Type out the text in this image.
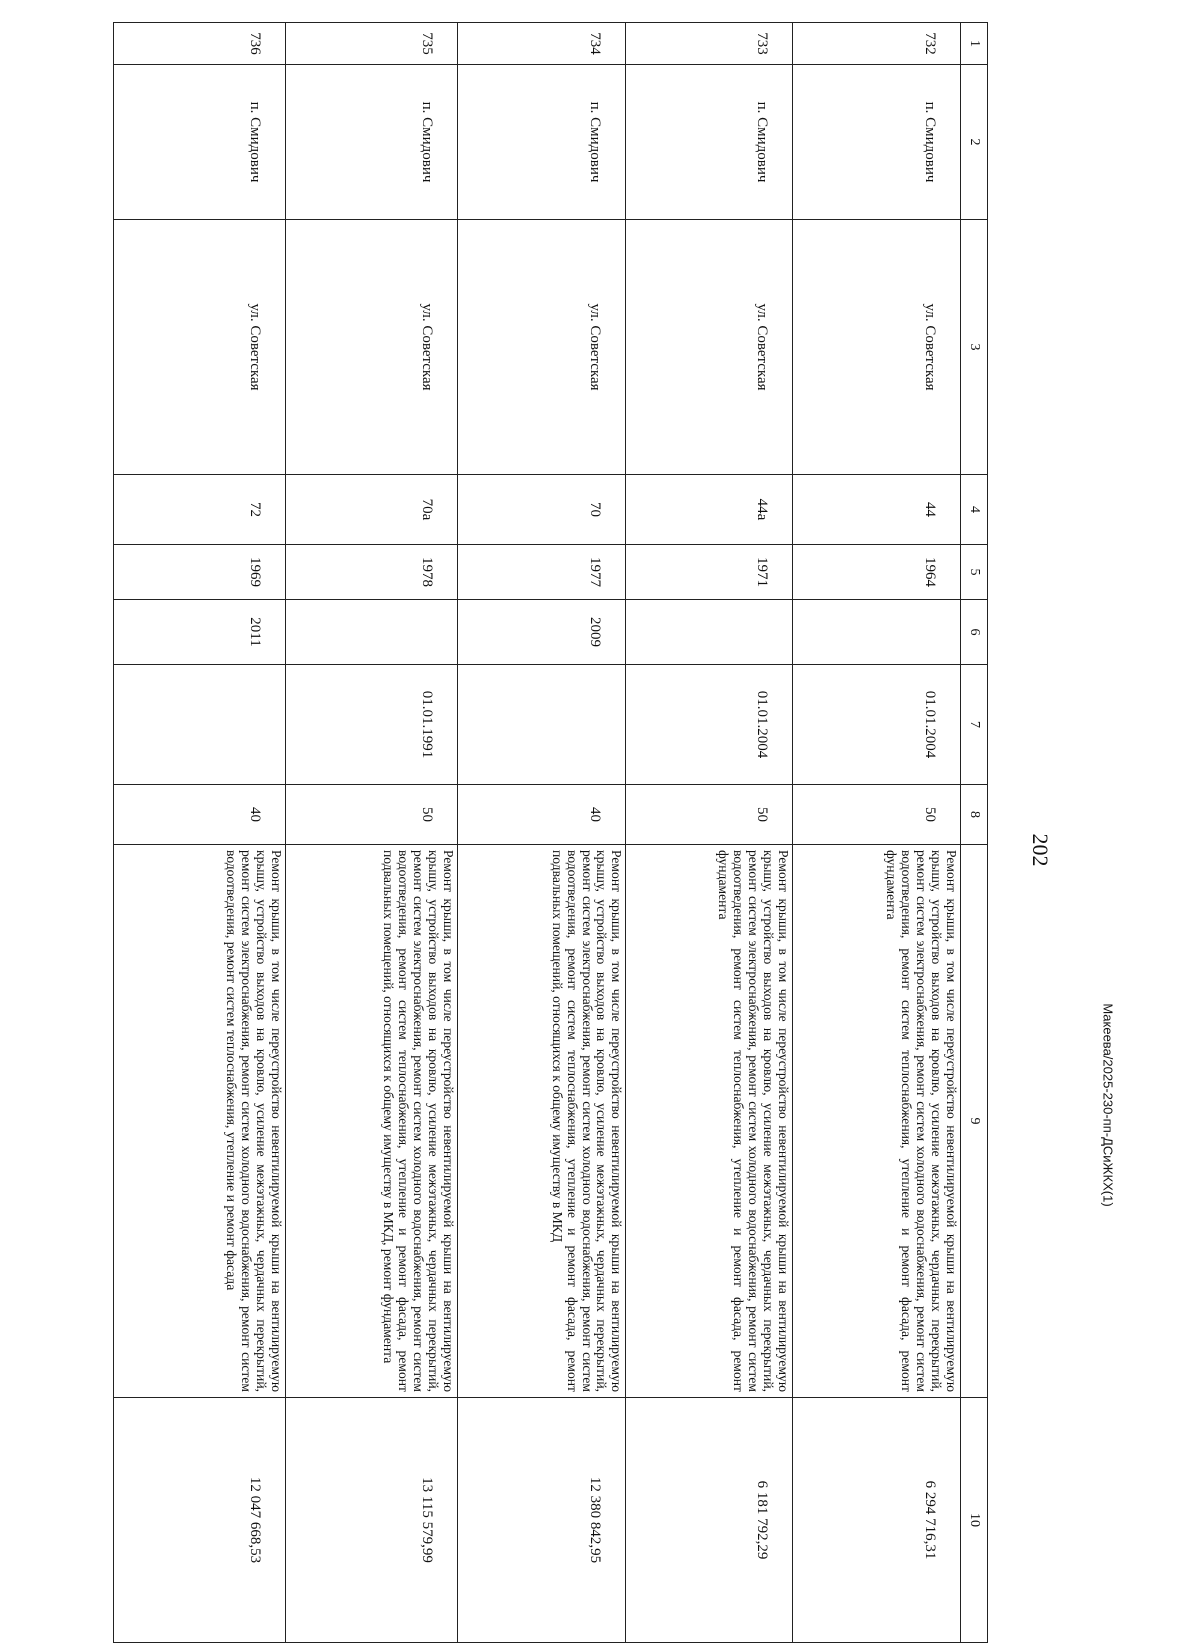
202
1	2	3	4	5	6	7	8	9	10
732	п. Смидович	ул. Советская	44	1964		01.01.2004	50	Ремонт крыши, в том числе переустройство невентилируемой крыши на вентилируемую крышу, устройство выходов на кровлю, усиление межэтажных, чердачных перекрытий, ремонт систем электроснабжения, ремонт систем холодного водоснабжения, ремонт систем водоотведения, ремонт систем теплоснабжения, утепление и ремонт фасада, ремонт фундамента	6 294 716,31
733	п. Смидович	ул. Советская	44а	1971		01.01.2004	50	Ремонт крыши, в том числе переустройство невентилируемой крыши на вентилируемую крышу, устройство выходов на кровлю, усиление межэтажных, чердачных перекрытий, ремонт систем электроснабжения, ремонт систем холодного водоснабжения, ремонт систем водоотведения, ремонт систем теплоснабжения, утепление и ремонт фасада, ремонт фундамента	6 181 792,29
734	п. Смидович	ул. Советская	70	1977	2009		40	Ремонт крыши, в том числе переустройство невентилируемой крыши на вентилируемую крышу, устройство выходов на кровлю, усиление межэтажных, чердачных перекрытий, ремонт систем электроснабжения, ремонт систем холодного водоснабжения, ремонт систем водоотведения, ремонт систем теплоснабжения, утепление и ремонт фасада, ремонт подвальных помещений, относящихся к общему имуществу в МКД	12 380 842,95
735	п. Смидович	ул. Советская	70а	1978		01.01.1991	50	Ремонт крыши, в том числе переустройство невентилируемой крыши на вентилируемую крышу, устройство выходов на кровлю, усиление межэтажных, чердачных перекрытий, ремонт систем электроснабжения, ремонт систем холодного водоснабжения, ремонт систем водоотведения, ремонт систем теплоснабжения, утепление и ремонт фасада, ремонт подвальных помещений, относящихся к общему имуществу в МКД, ремонт фундамента	13 115 579,99
736	п. Смидович	ул. Советская	72	1969	2011		40	Ремонт крыши, в том числе переустройство невентилируемой крыши на вентилируемую крышу, устройство выходов на кровлю, усиление межэтажных, чердачных перекрытий, ремонт систем электроснабжения, ремонт систем холодного водоснабжения, ремонт систем водоотведения, ремонт систем теплоснабжения, утепление и ремонт фасада	12 047 668,53
Макеева/2025-230-пп-ДСиЖКХ(1)
